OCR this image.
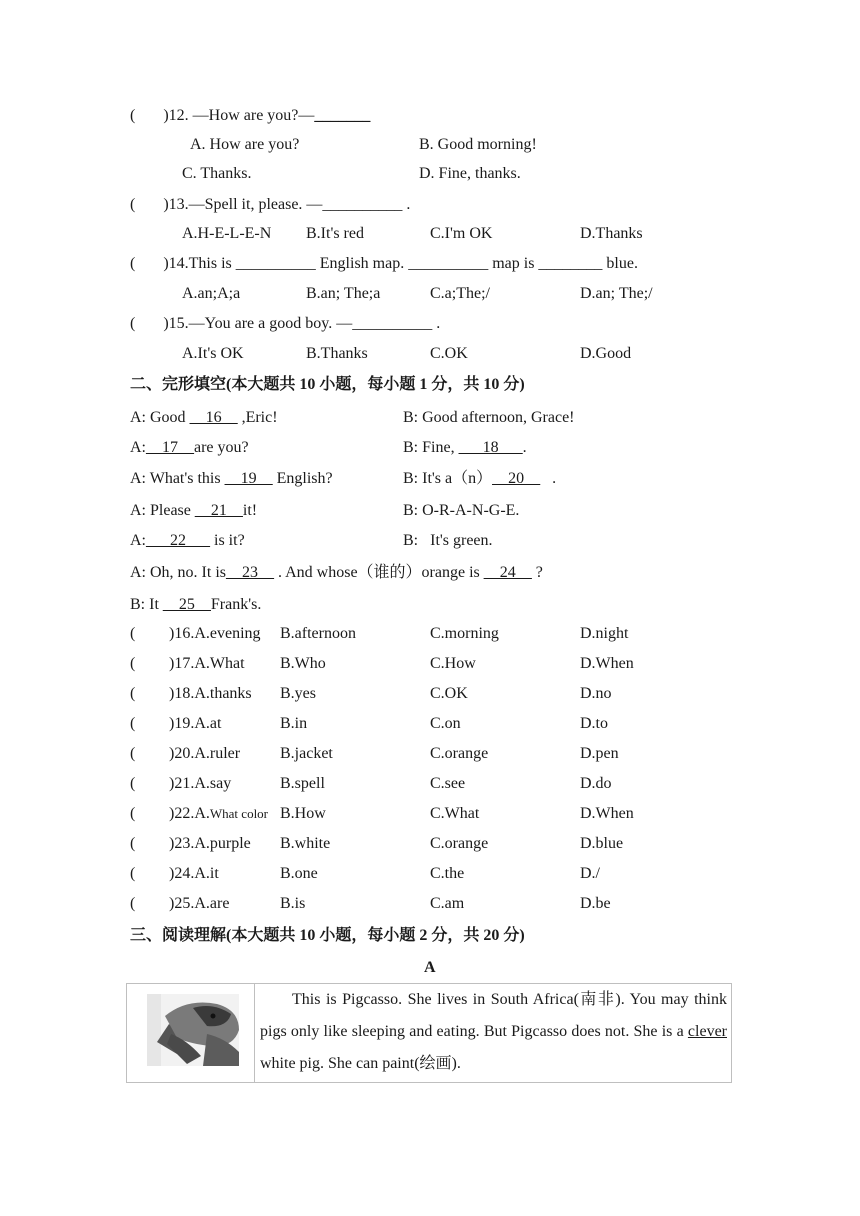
( )12. —How are you?—_______
A. How are you?	B. Good morning!
C. Thanks.	D. Fine, thanks.
( )13.—Spell it, please. —__________ .
A.H-E-L-E-N B.It's red	C.I'm OK	D.Thanks
( )14.This is __________ English map. __________ map is ________ blue.
A.an;A;a	B.an; The;a	C.a;The;/	D.an; The;/
( )15.—You are a good boy. —__________ .
A.It's OK	B.Thanks	C.OK	D.Good
二、完形填空(本大题共 10 小题，每小题 1 分，共 10 分)
A: Good __16__ ,Eric!	B: Good afternoon, Grace!
A:__17__are you?	B: Fine, ___18___.
A: What's this __19__ English?	B: It's a（n）__20__   .
A: Please __21__it!	B: O-R-A-N-G-E.
A:___22___ is it?	B:   It's green.
A: Oh, no. It is__23__ . And whose（谁的）orange is __24__ ?
B: It __25__Frank's.
( )16.A.evening B.afternoon	C.morning	D.night
( )17.A.What B.Who	C.How	D.When
( )18.A.thanks B.yes	C.OK	D.no
( )19.A.at	B.in	C.on	D.to
( )20.A.ruler B.jacket	C.orange	D.pen
( )21.A.say	B.spell	C.see	D.do
( )22.A.What color B.How	C.What	D.When
( )23.A.purple B.white	C.orange	D.blue
( )24.A.it	B.one	C.the	D./
( )25.A.are	B.is	C.am	D.be
三、阅读理解(本大题共 10 小题，每小题 2 分，共 20 分)
A
  This is Pigcasso. She lives in South Africa(南非). You may think pigs only like sleeping and eating. But Pigcasso does not. She is a clever white pig. She can paint(绘画).
